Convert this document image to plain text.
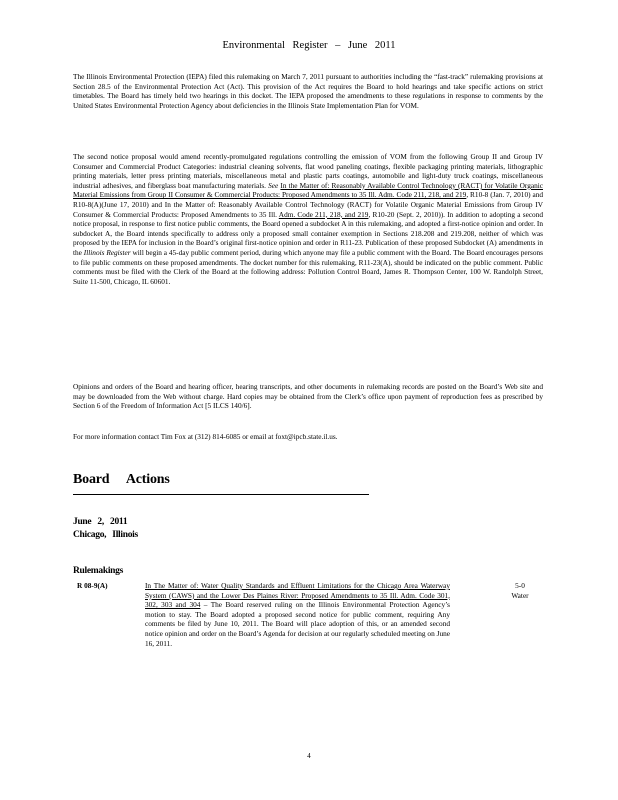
Environmental Register – June 2011
The Illinois Environmental Protection (IEPA) filed this rulemaking on March 7, 2011 pursuant to authorities including the “fast-track” rulemaking provisions at Section 28.5 of the Environmental Protection Act (Act). This provision of the Act requires the Board to hold hearings and take specific actions on strict timetables. The Board has timely held two hearings in this docket. The IEPA proposed the amendments to these regulations in response to comments by the United States Environmental Protection Agency about deficiencies in the Illinois State Implementation Plan for VOM.
The second notice proposal would amend recently-promulgated regulations controlling the emission of VOM from the following Group II and Group IV Consumer and Commercial Product Categories: industrial cleaning solvents, flat wood paneling coatings, flexible packaging printing materials, lithographic printing materials, letter press printing materials, miscellaneous metal and plastic parts coatings, automobile and light-duty truck coatings, miscellaneous industrial adhesives, and fiberglass boat manufacturing materials. See In the Matter of: Reasonably Available Control Technology (RACT) for Volatile Organic Material Emissions from Group II Consumer & Commercial Products: Proposed Amendments to 35 Ill. Adm. Code 211, 218, and 219, R10-8 (Jan. 7, 2010) and R10-8(A)(June 17, 2010) and In the Matter of: Reasonably Available Control Technology (RACT) for Volatile Organic Material Emissions from Group IV Consumer & Commercial Products: Proposed Amendments to 35 Ill. Adm. Code 211, 218, and 219, R10-20 (Sept. 2, 2010)). In addition to adopting a second notice proposal, in response to first notice public comments, the Board opened a subdocket A in this rulemaking, and adopted a first-notice opinion and order. In subdocket A, the Board intends specifically to address only a proposed small container exemption in Sections 218.208 and 219.208, neither of which was proposed by the IEPA for inclusion in the Board’s original first-notice opinion and order in R11-23. Publication of these proposed Subdocket (A) amendments in the Illinois Register will begin a 45-day public comment period, during which anyone may file a public comment with the Board. The Board encourages persons to file public comments on these proposed amendments. The docket number for this rulemaking, R11-23(A), should be indicated on the public comment. Public comments must be filed with the Clerk of the Board at the following address: Pollution Control Board, James R. Thompson Center, 100 W. Randolph Street, Suite 11-500, Chicago, IL 60601.
Opinions and orders of the Board and hearing officer, hearing transcripts, and other documents in rulemaking records are posted on the Board’s Web site and may be downloaded from the Web without charge. Hard copies may be obtained from the Clerk’s office upon payment of reproduction fees as prescribed by Section 6 of the Freedom of Information Act [5 ILCS 140/6].
For more information contact Tim Fox at (312) 814-6085 or email at foxt@ipcb.state.il.us.
Board Actions
June 2, 2011
Chicago, Illinois
Rulemakings
R 08-9(A)	In The Matter of: Water Quality Standards and Effluent Limitations for the Chicago Area Waterway System (CAWS) and the Lower Des Plaines River: Proposed Amendments to 35 Ill. Adm. Code 301, 302, 303 and 304 – The Board reserved ruling on the Illinois Environmental Protection Agency’s motion to stay. The Board adopted a proposed second notice for public comment, requiring Any comments be filed by June 10, 2011. The Board will place adoption of this, or an amended second notice opinion and order on the Board’s Agenda for decision at our regularly scheduled meeting on June 16, 2011.
5-0
Water
4
